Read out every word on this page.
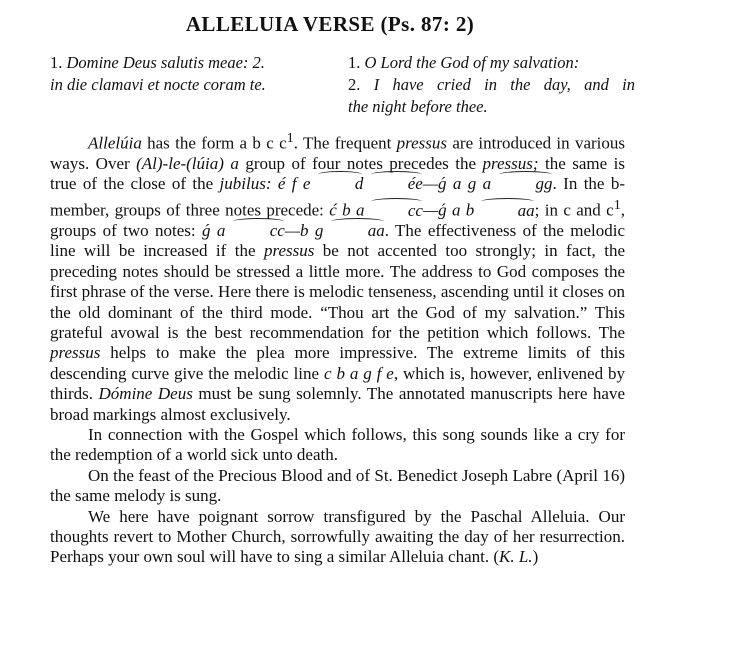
ALLELUIA VERSE (Ps. 87: 2)
1. Domine Deus salutis meae: 2.
in die clamavi et nocte coram te.
1. O Lord the God of my salvation:
2. I have cried in the day, and in
the night before thee.

Allelúia has the form a b c $c^1$. The frequent pressus are introduced in various ways. Over (Al)-le-(lúia) a group of four notes precedes the pressus; the same is true of the close of the jubilus: é f e	d	ée—ǵ a g a	gg. In the b-member, groups of three notes precede: ć b a	cc—ǵ a b	aa; in c and $c^1$, groups of two notes: ǵ a	cc—b g	aa. The effectiveness of the melodic line will be increased if the pressus be not accented too strongly; in fact, the preceding notes should be stressed a little more. The address to God composes the first phrase of the verse. Here there is melodic tenseness, ascending until it closes on the old dominant of the third mode. “Thou art the God of my salvation.” This grateful avowal is the best recommendation for the petition which follows. The pressus helps to make the plea more impressive. The extreme limits of this descending curve give the melodic line c b a g f e, which is, however, enlivened by thirds. Dómine Deus must be sung solemnly. The annotated manuscripts here have broad markings almost exclusively.

In connection with the Gospel which follows, this song sounds like a cry for the redemption of a world sick unto death.

On the feast of the Precious Blood and of St. Benedict Joseph Labre (April 16) the same melody is sung.

We here have poignant sorrow transfigured by the Paschal Alleluia. Our thoughts revert to Mother Church, sorrowfully awaiting the day of her resurrection. Perhaps your own soul will have to sing a similar Alleluia chant. (K. L.)
